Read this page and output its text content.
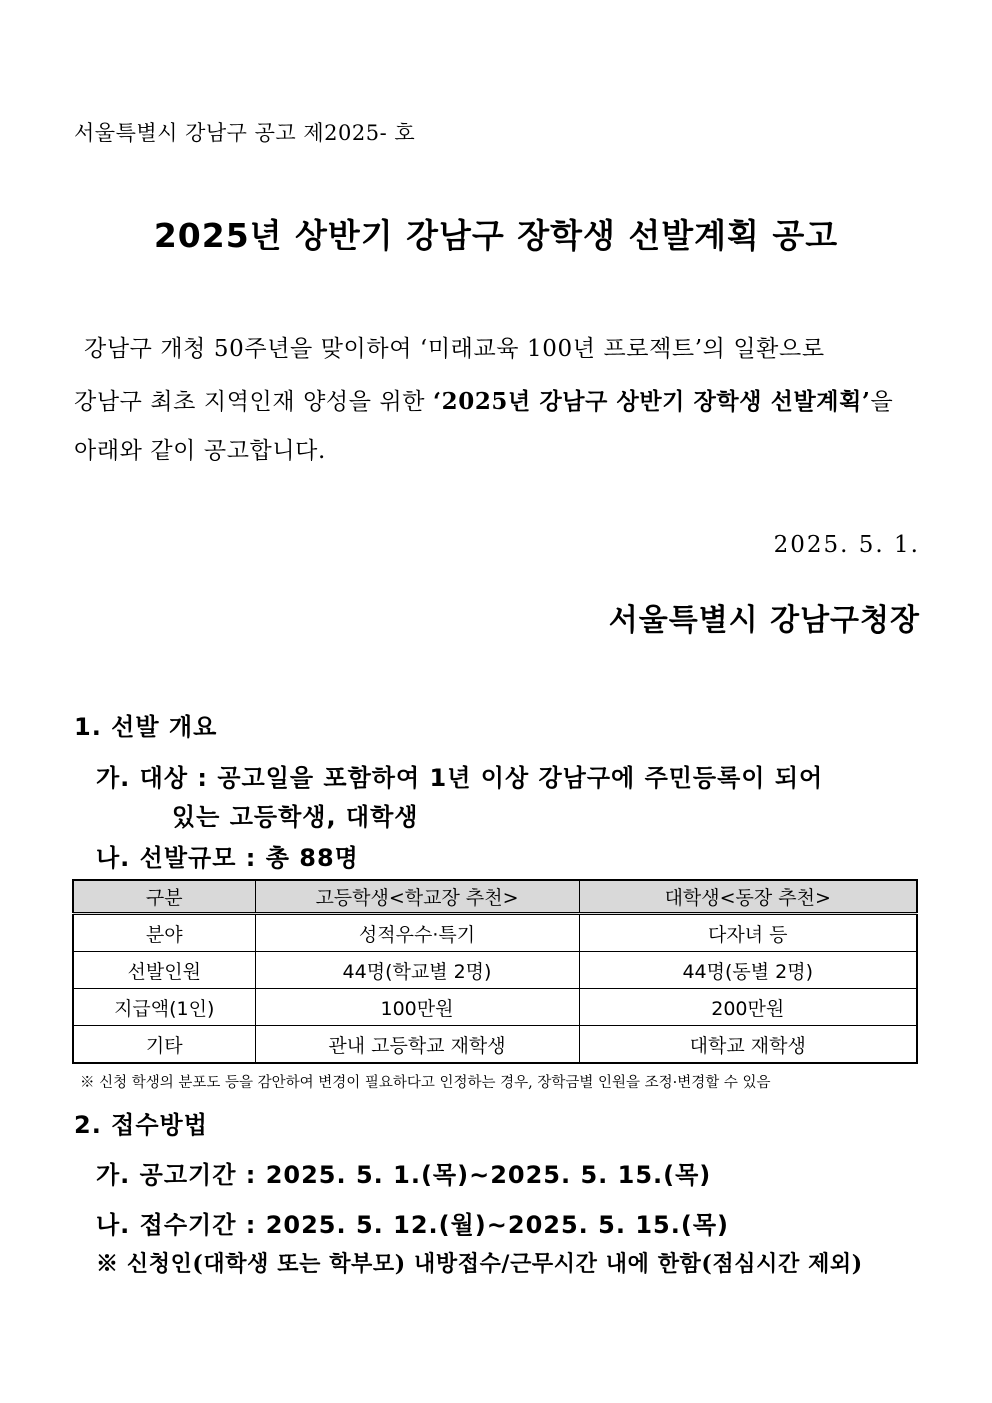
서울특별시 강남구 공고 제2025- 호
2025년 상반기 강남구 장학생 선발계획 공고
강남구 개청 50주년을 맞이하여 ‘미래교육 100년 프로젝트’의 일환으로
강남구 최초 지역인재 양성을 위한 ‘2025년 강남구 상반기 장학생 선발계획’을
아래와 같이 공고합니다.
2025. 5. 1.
서울특별시 강남구청장
1. 선발 개요
가. 대상 : 공고일을 포함하여 1년 이상 강남구에 주민등록이 되어
있는 고등학생, 대학생
나. 선발규모 : 총 88명
구분	고등학생<학교장 추천>	대학생<동장 추천>
분야	성적우수·특기	다자녀 등
선발인원	44명(학교별 2명)	44명(동별 2명)
지급액(1인)	100만원	200만원
기타	관내 고등학교 재학생	대학교 재학생
※ 신청 학생의 분포도 등을 감안하여 변경이 필요하다고 인정하는 경우, 장학금별 인원을 조정·변경할 수 있음
2. 접수방법
가. 공고기간 : 2025. 5. 1.(목)~2025. 5. 15.(목)
나. 접수기간 : 2025. 5. 12.(월)~2025. 5. 15.(목)
※ 신청인(대학생 또는 학부모) 내방접수/근무시간 내에 한함(점심시간 제외)
